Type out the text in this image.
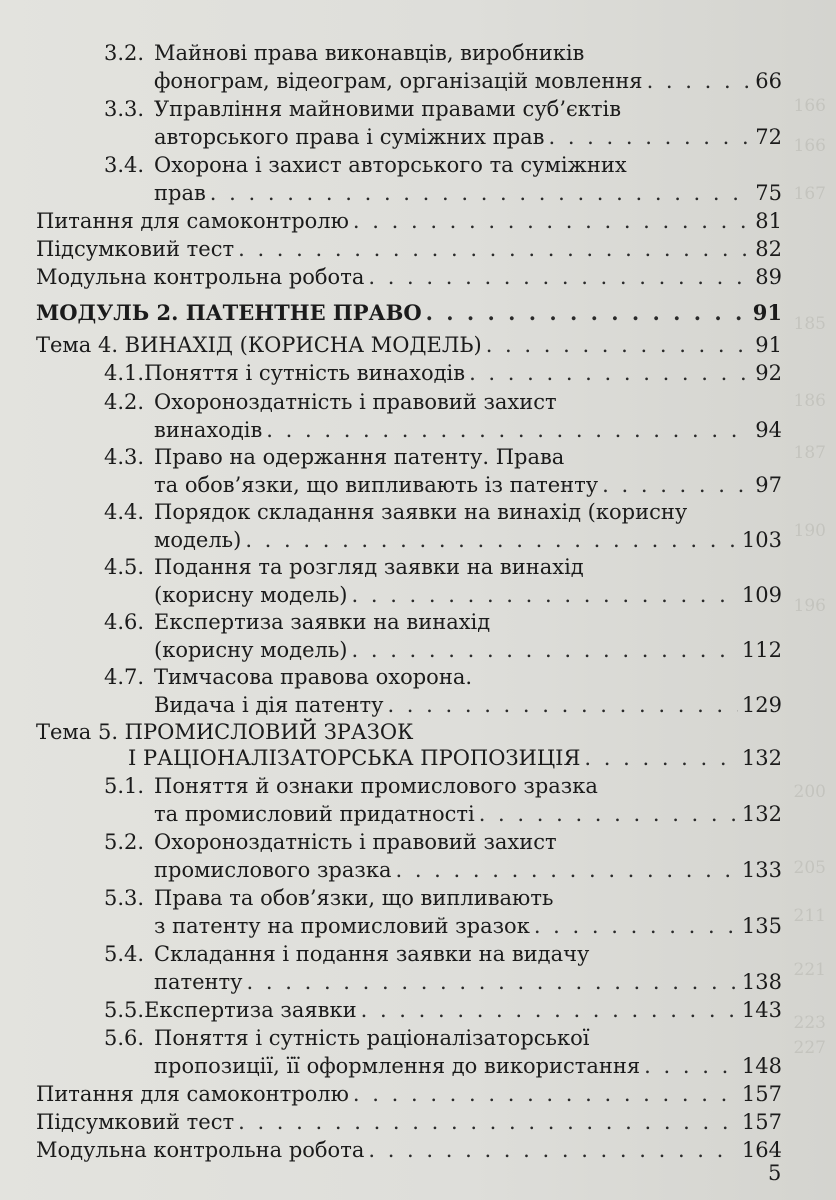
166
166
167
185
186
187
190
196
200
205
211
221
223
227
3.2. Майнові права виконавців, виробників
фонограм, відеограм, організацій мовлення . . .	66
3.3. Управління майновими правами суб’єктів
авторського права і суміжних прав . . .	72
3.4. Охорона і захист авторського та суміжних
прав . . .	75
Питання для самоконтролю . . .	81
Підсумковий тест . . .	82
Модульна контрольна робота . . .	89
МОДУЛЬ 2. ПАТЕНТНЕ ПРАВО . . .	91
Тема 4. ВИНАХІД (КОРИСНА МОДЕЛЬ) . . .	91
4.1. Поняття і сутність винаходів . . .	92
4.2. Охороноздатність і правовий захист
винаходів . . .	94
4.3. Право на одержання патенту. Права
та обов’язки, що випливають із патенту . . .	97
4.4. Порядок складання заявки на винахід (корисну
модель) . . .	103
4.5. Подання та розгляд заявки на винахід
(корисну модель) . . .	109
4.6. Експертиза заявки на винахід
(корисну модель) . . .	112
4.7. Тимчасова правова охорона.
Видача і дія патенту . . .	129
Тема 5. ПРОМИСЛОВИЙ ЗРАЗОК
І РАЦІОНАЛІЗАТОРСЬКА ПРОПОЗИЦІЯ . . .	132
5.1. Поняття й ознаки промислового зразка
та промисловий придатності . . .	132
5.2. Охороноздатність і правовий захист
промислового зразка . . .	133
5.3. Права та обов’язки, що випливають
з патенту на промисловий зразок . . .	135
5.4. Складання і подання заявки на видачу
патенту . . .	138
5.5. Експертиза заявки . . .	143
5.6. Поняття і сутність раціоналізаторської
пропозиції, її оформлення до використання . . .	148
Питання для самоконтролю . . .	157
Підсумковий тест . . .	157
Модульна контрольна робота . . .	164
5
